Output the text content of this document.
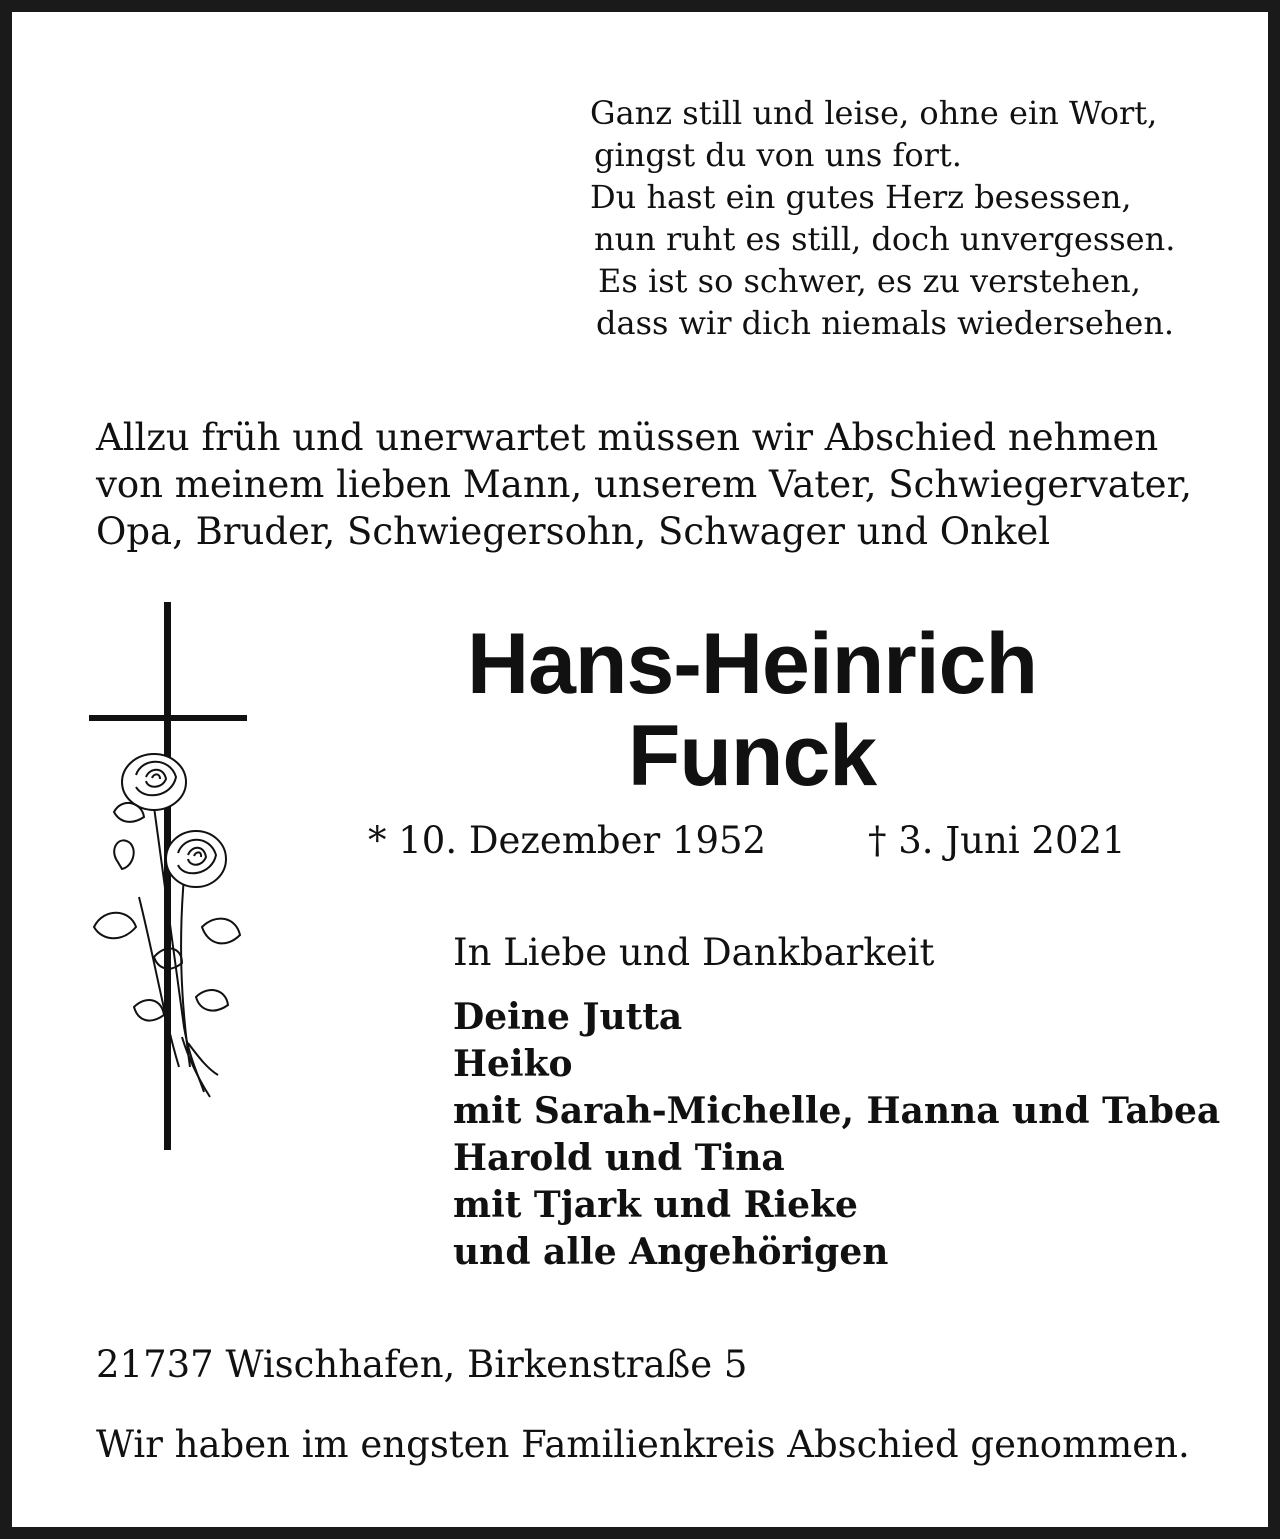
Ganz still und leise, ohne ein Wort,
gingst du von uns fort.
Du hast ein gutes Herz besessen,
nun ruht es still, doch unvergessen.
Es ist so schwer, es zu verstehen,
dass wir dich niemals wiedersehen.
Allzu früh und unerwartet müssen wir Abschied nehmen
von meinem lieben Mann, unserem Vater, Schwiegervater,
Opa, Bruder, Schwiegersohn, Schwager und Onkel
Hans-Heinrich
Funck
* 10. Dezember 1952	† 3. Juni 2021
In Liebe und Dankbarkeit
Deine Jutta
Heiko
mit Sarah-Michelle, Hanna und Tabea
Harold und Tina
mit Tjark und Rieke
und alle Angehörigen
21737 Wischhafen, Birkenstraße 5
Wir haben im engsten Familienkreis Abschied genommen.
